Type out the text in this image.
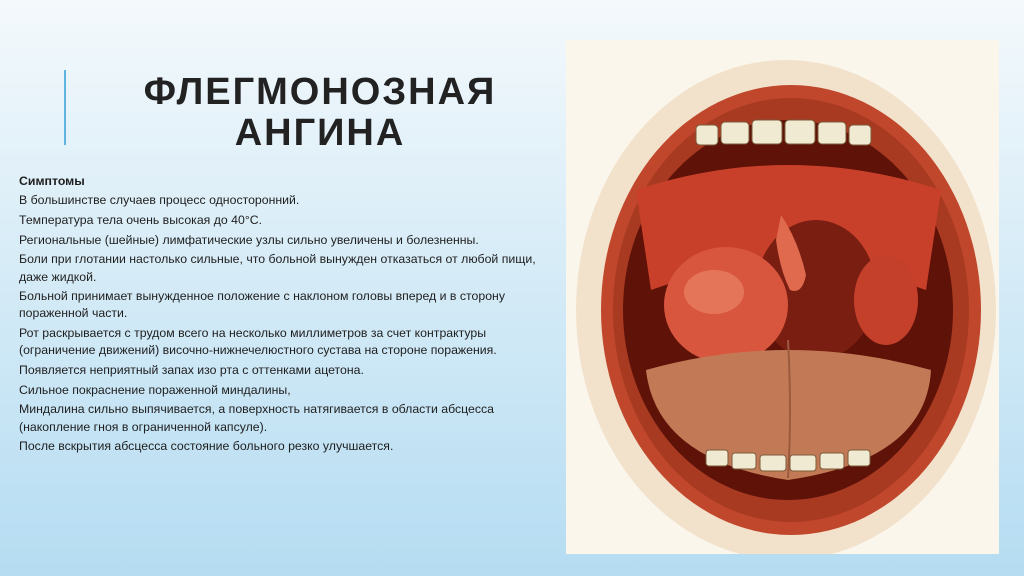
ФЛЕГМОНОЗНАЯ
АНГИНА
Симптомы
В большинстве случаев процесс односторонний.
Температура тела очень высокая до 40°С.
Региональные (шейные) лимфатические узлы сильно увеличены и болезненны.
Боли при глотании настолько сильные, что больной вынужден отказаться от любой пищи, даже жидкой.
Больной принимает вынужденное положение с наклоном головы вперед и в сторону пораженной части.
Рот раскрывается с трудом всего на несколько миллиметров за счет контрактуры (ограничение движений) височно-нижнечелюстного сустава на стороне поражения.
Появляется неприятный запах изо рта с оттенками ацетона.
Сильное покраснение пораженной миндалины,
Миндалина сильно выпячивается, а поверхность натягивается в области абсцесса (накопление гноя в ограниченной капсуле).
После вскрытия абсцесса состояние больного резко улучшается.
